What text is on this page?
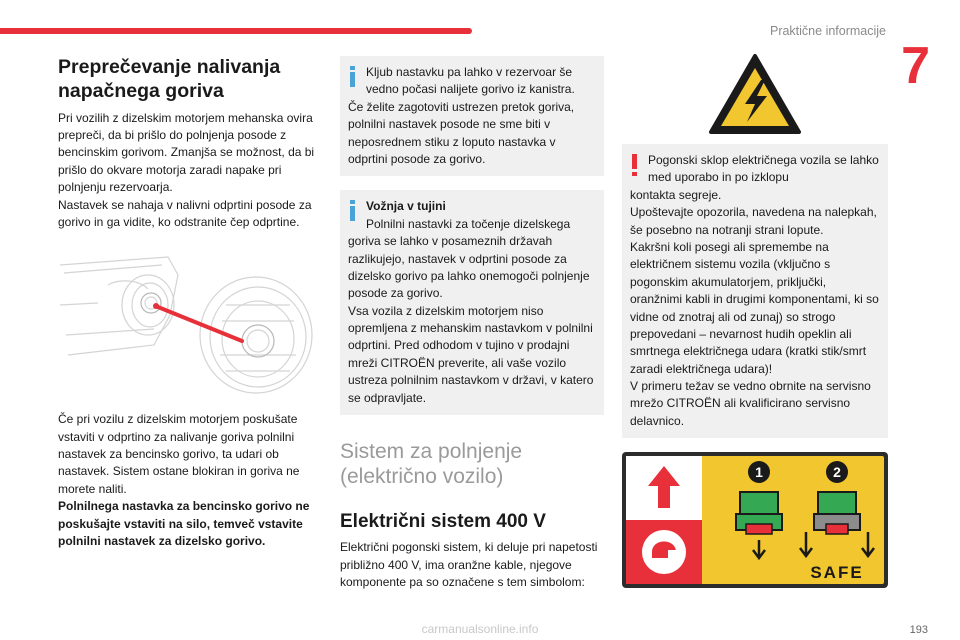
Praktične informacije
7
Preprečevanje nalivanja napačnega goriva

Pri vozilih z dizelskim motorjem mehanska ovira prepreči, da bi prišlo do polnjenja posode z bencinskim gorivom. Zmanjša se možnost, da bi prišlo do okvare motorja zaradi napake pri polnjenju rezervoarja.
Nastavek se nahaja v nalivni odprtini posode za gorivo in ga vidite, ko odstranite čep odprtine.

Če pri vozilu z dizelskim motorjem poskušate vstaviti v odprtino za nalivanje goriva polnilni nastavek za bencinsko gorivo, ta udari ob nastavek. Sistem ostane blokiran in goriva ne morete naliti.

Polnilnega nastavka za bencinsko gorivo ne poskušajte vstaviti na silo, temveč vstavite polnilni nastavek za dizelsko gorivo.

Kljub nastavku pa lahko v rezervoar še vedno počasi nalijete gorivo iz kanistra.
Če želite zagotoviti ustrezen pretok goriva, polnilni nastavek posode ne sme biti v neposrednem stiku z loputo nastavka v odprtini posode za gorivo.
Vožnja v tujini
Polnilni nastavki za točenje dizelskega
goriva se lahko v posameznih državah razlikujejo, nastavek v odprtini posode za dizelsko gorivo pa lahko onemogoči polnjenje posode za gorivo.
Vsa vozila z dizelskim motorjem niso opremljena z mehanskim nastavkom v polnilni odprtini. Pred odhodom v tujino v prodajni mreži CITROËN preverite, ali vaše vozilo ustreza polnilnim nastavkom v državi, v katero se odpravljate.
Sistem za polnjenje (električno vozilo)
Električni sistem 400 V

Električni pogonski sistem, ki deluje pri napetosti približno 400 V, ima oranžne kable, njegove komponente pa so označene s tem simbolom:

Pogonski sklop električnega vozila se lahko med uporabo in po izklopu
kontakta segreje.
Upoštevajte opozorila, navedena na nalepkah, še posebno na notranji strani lopute.
Kakršni koli posegi ali spremembe na električnem sistemu vozila (vključno s pogonskim akumulatorjem, priključki, oranžnimi kabli in drugimi komponentami, ki so vidne od znotraj ali od zunaj) so strogo prepovedani – nevarnost hudih opeklin ali smrtnega električnega udara (kratki stik/smrt zaradi električnega udara)!
V primeru težav se vedno obrnite na servisno mrežo CITROËN ali kvalificirano servisno delavnico.
1	2
SAFE
carmanualsonline.info	193
